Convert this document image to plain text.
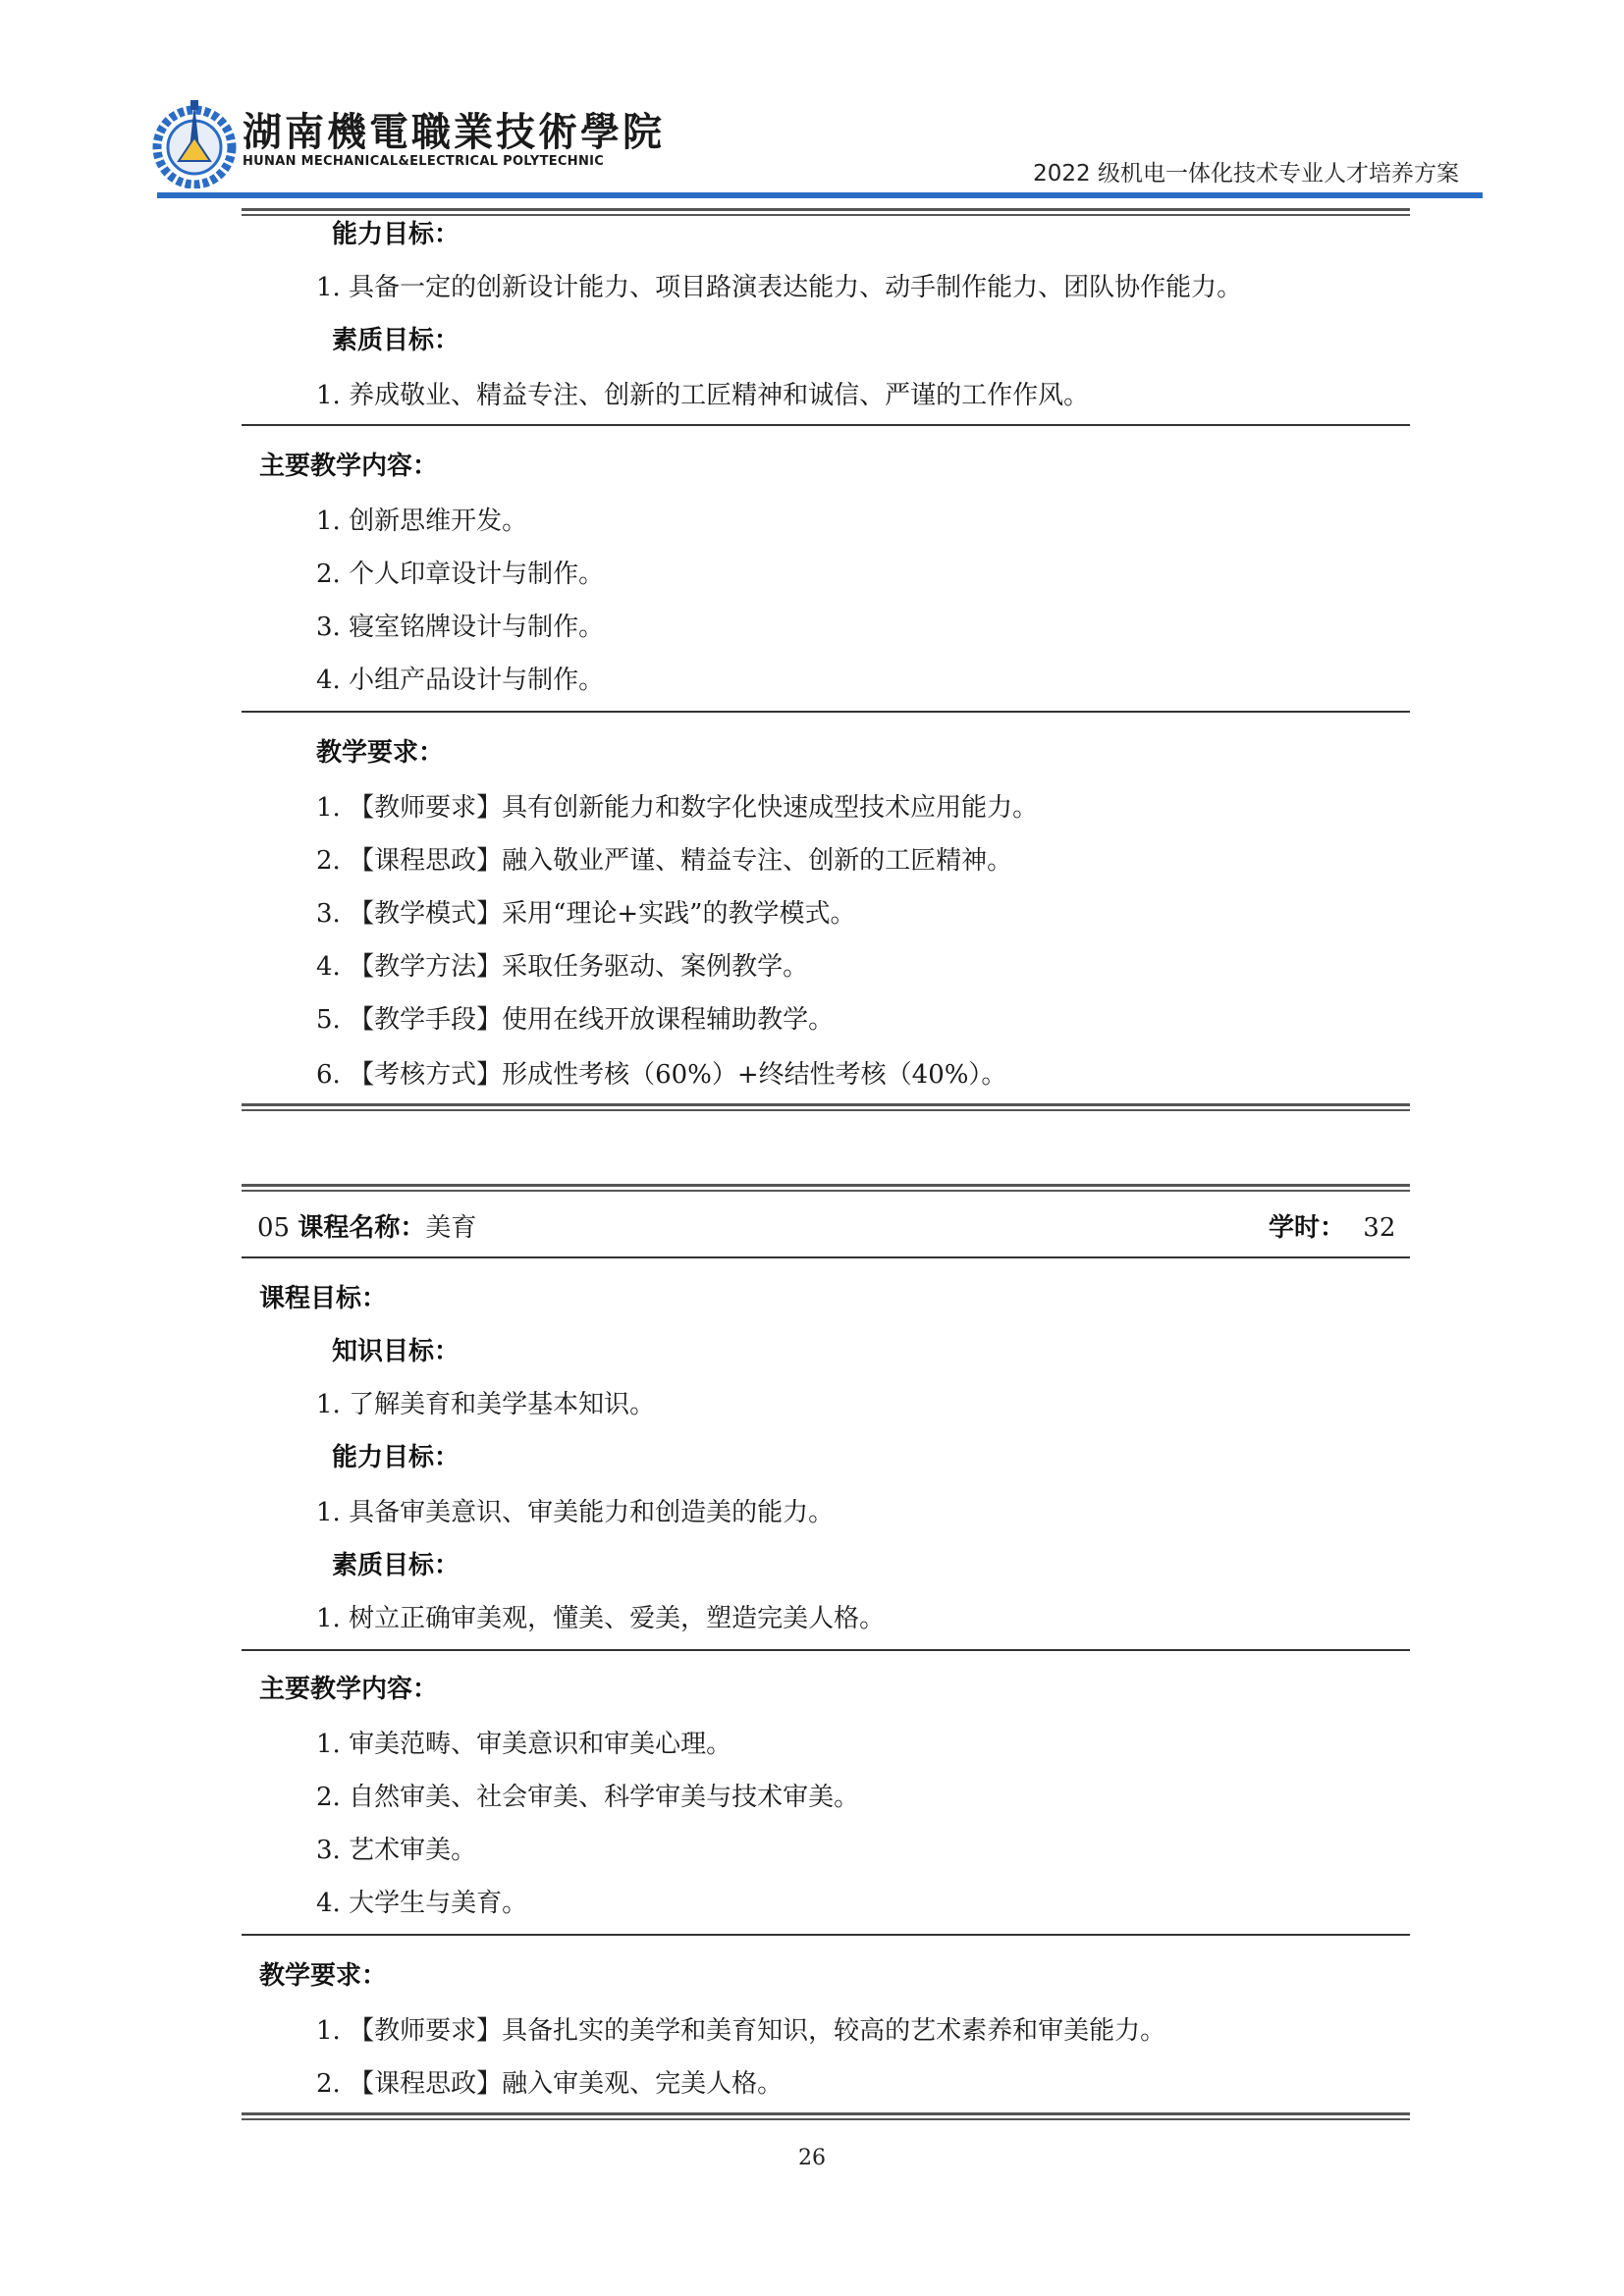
湖南機電職業技術學院
HUNAN MECHANICAL&ELECTRICAL POLYTECHNIC	2022 级机电一体化技术专业人才培养方案
能力目标：
1. 具备一定的创新设计能力、项目路演表达能力、动手制作能力、团队协作能力。
素质目标：
1. 养成敬业、精益专注、创新的工匠精神和诚信、严谨的工作作风。
主要教学内容：
1. 创新思维开发。
2. 个人印章设计与制作。
3. 寝室铭牌设计与制作。
4. 小组产品设计与制作。
教学要求：
1. 【教师要求】具有创新能力和数字化快速成型技术应用能力。
2. 【课程思政】融入敬业严谨、精益专注、创新的工匠精神。
3. 【教学模式】采用“理论+实践”的教学模式。
4. 【教学方法】采取任务驱动、案例教学。
5. 【教学手段】使用在线开放课程辅助教学。
6. 【考核方式】形成性考核（60%）+终结性考核（40%）。
05 课程名称：美育	学时： 32
课程目标：
知识目标：
1. 了解美育和美学基本知识。
能力目标：
1. 具备审美意识、审美能力和创造美的能力。
素质目标：
1. 树立正确审美观，懂美、爱美，塑造完美人格。
主要教学内容：
1. 审美范畴、审美意识和审美心理。
2. 自然审美、社会审美、科学审美与技术审美。
3. 艺术审美。
4. 大学生与美育。
教学要求：
1. 【教师要求】具备扎实的美学和美育知识，较高的艺术素养和审美能力。
2. 【课程思政】融入审美观、完美人格。
26
